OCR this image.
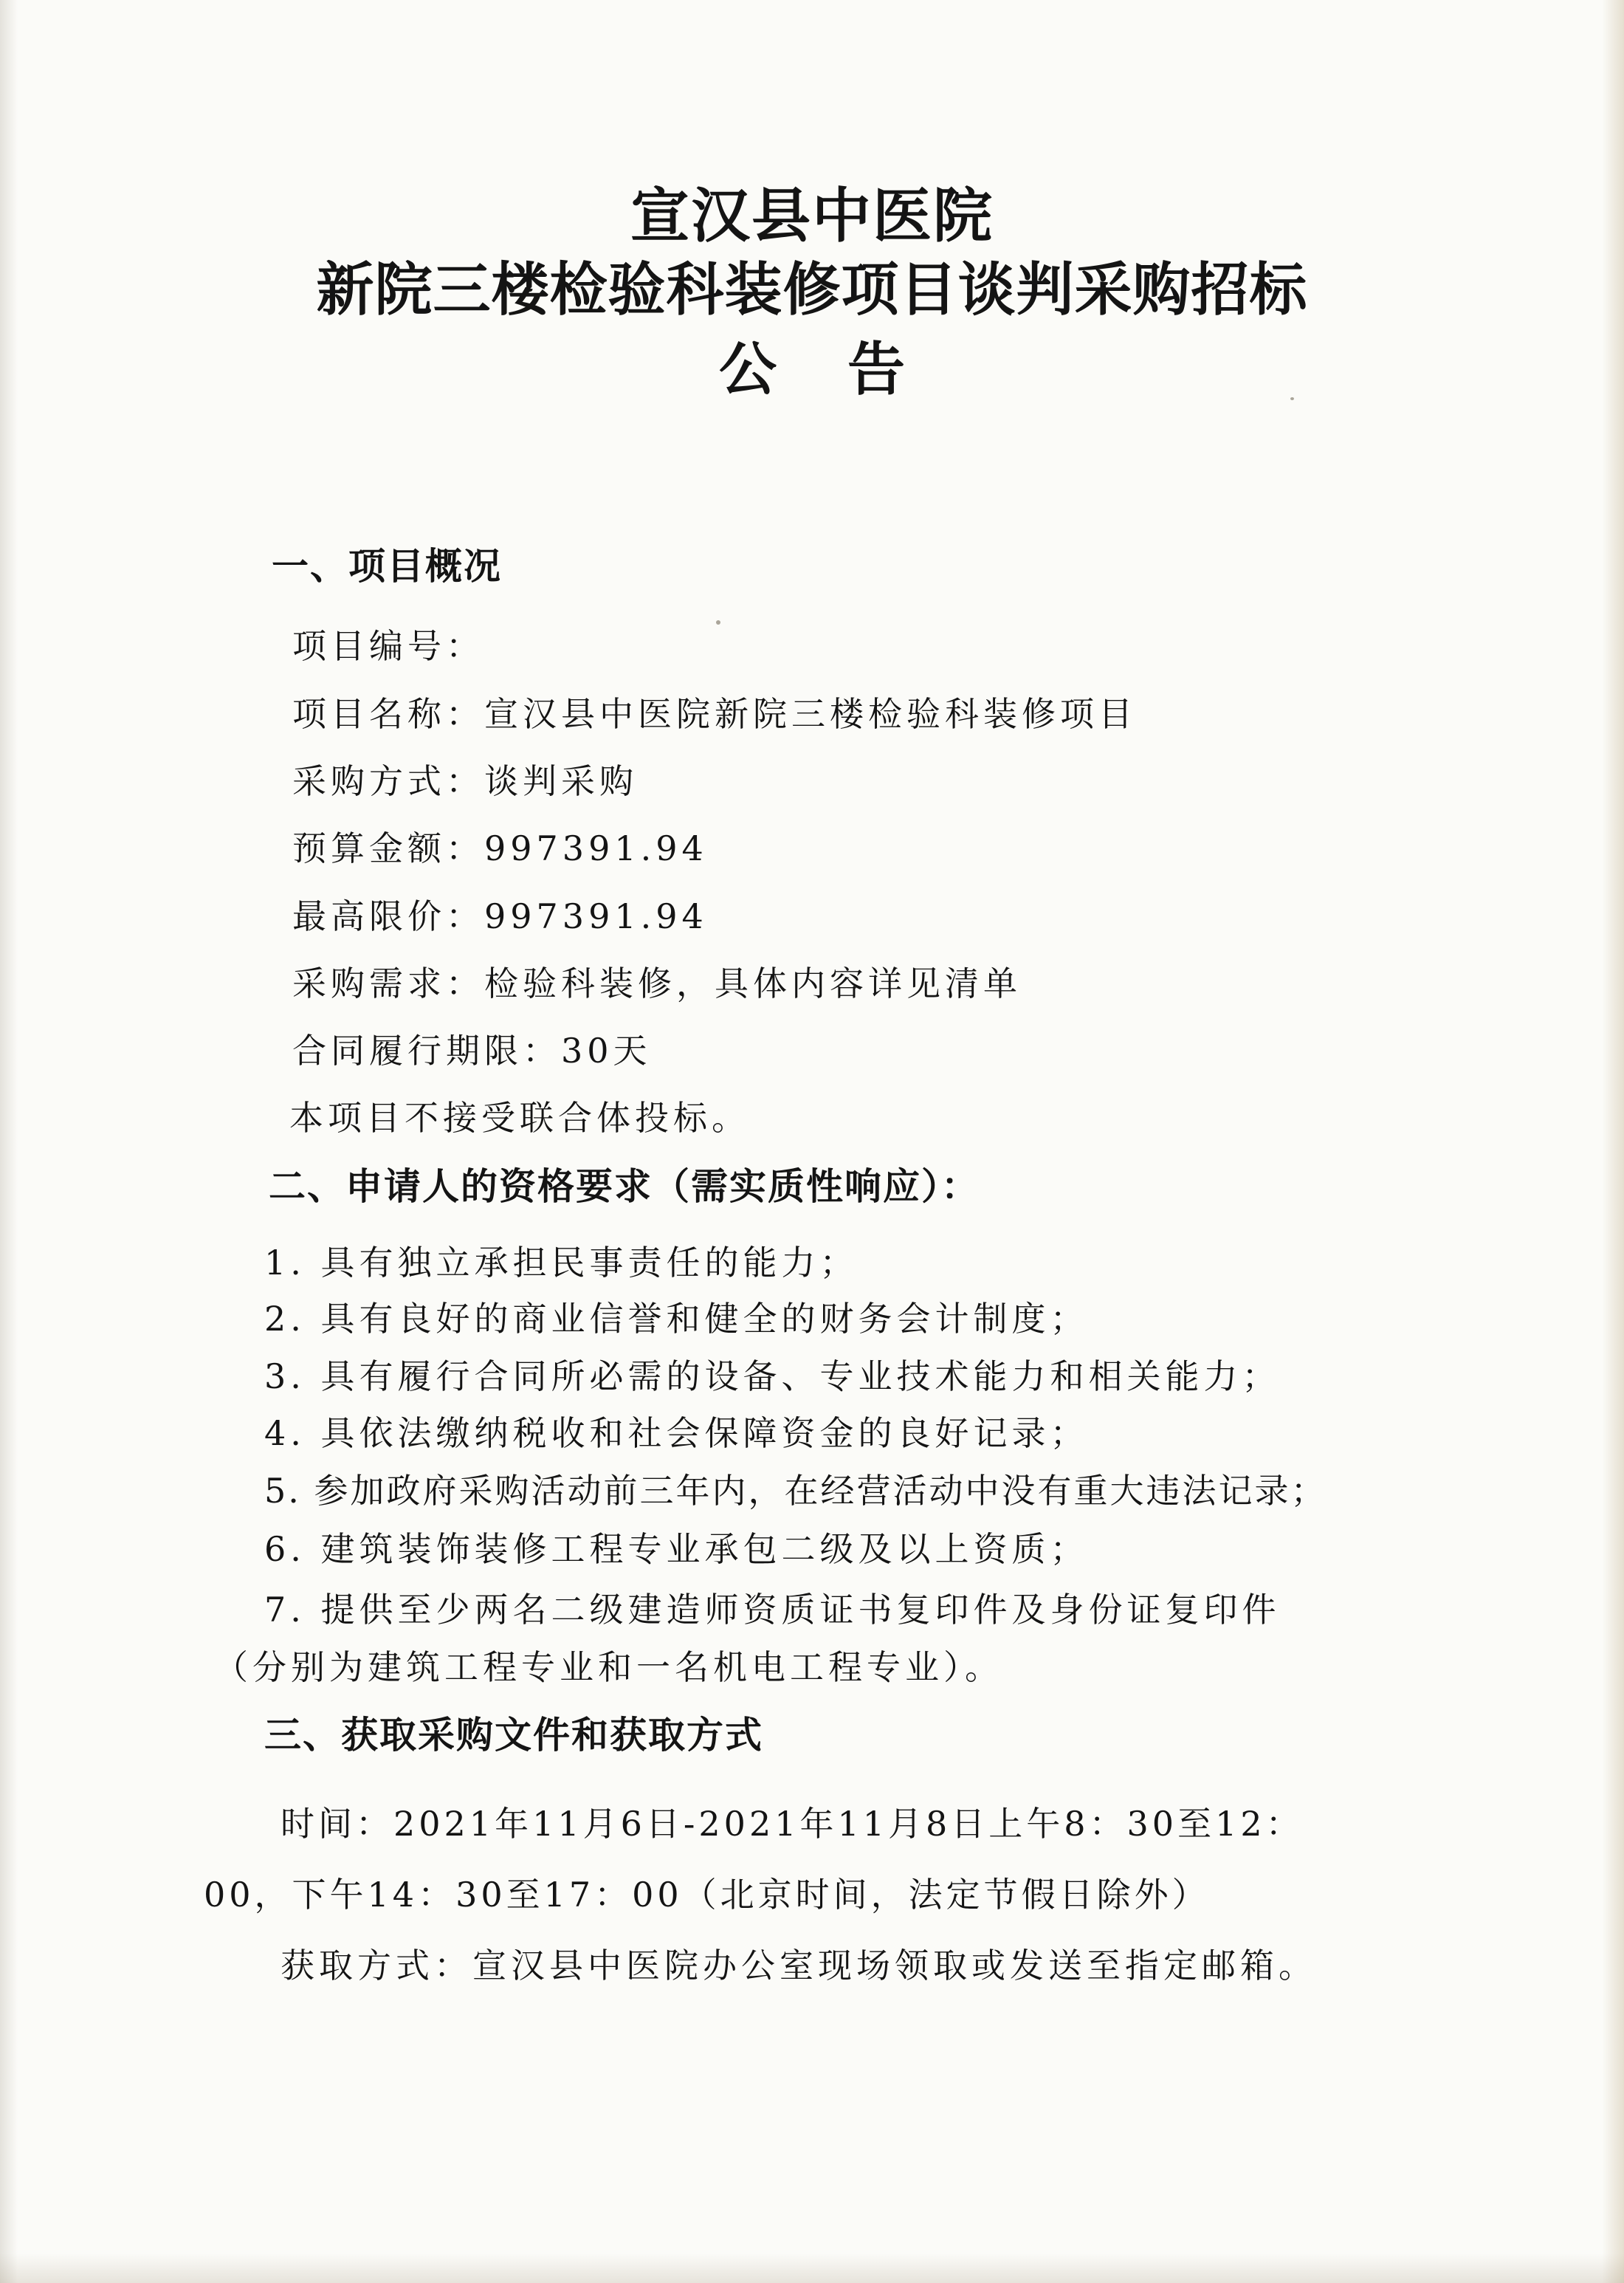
宣汉县中医院
新院三楼检验科装修项目谈判采购招标
公告
一、项目概况
项目编号：
项目名称：宣汉县中医院新院三楼检验科装修项目
采购方式：谈判采购
预算金额：997391.94
最高限价：997391.94
采购需求：检验科装修，具体内容详见清单
合同履行期限：30天
本项目不接受联合体投标。
二、申请人的资格要求（需实质性响应）：
1. 具有独立承担民事责任的能力；
2. 具有良好的商业信誉和健全的财务会计制度；
3. 具有履行合同所必需的设备、专业技术能力和相关能力；
4. 具依法缴纳税收和社会保障资金的良好记录；
5. 参加政府采购活动前三年内，在经营活动中没有重大违法记录；
6. 建筑装饰装修工程专业承包二级及以上资质；
7. 提供至少两名二级建造师资质证书复印件及身份证复印件
（分别为建筑工程专业和一名机电工程专业）。
三、获取采购文件和获取方式
时间：2021年11月6日-2021年11月8日上午8：30至12：
00，下午14：30至17：00（北京时间，法定节假日除外）
获取方式：宣汉县中医院办公室现场领取或发送至指定邮箱。
